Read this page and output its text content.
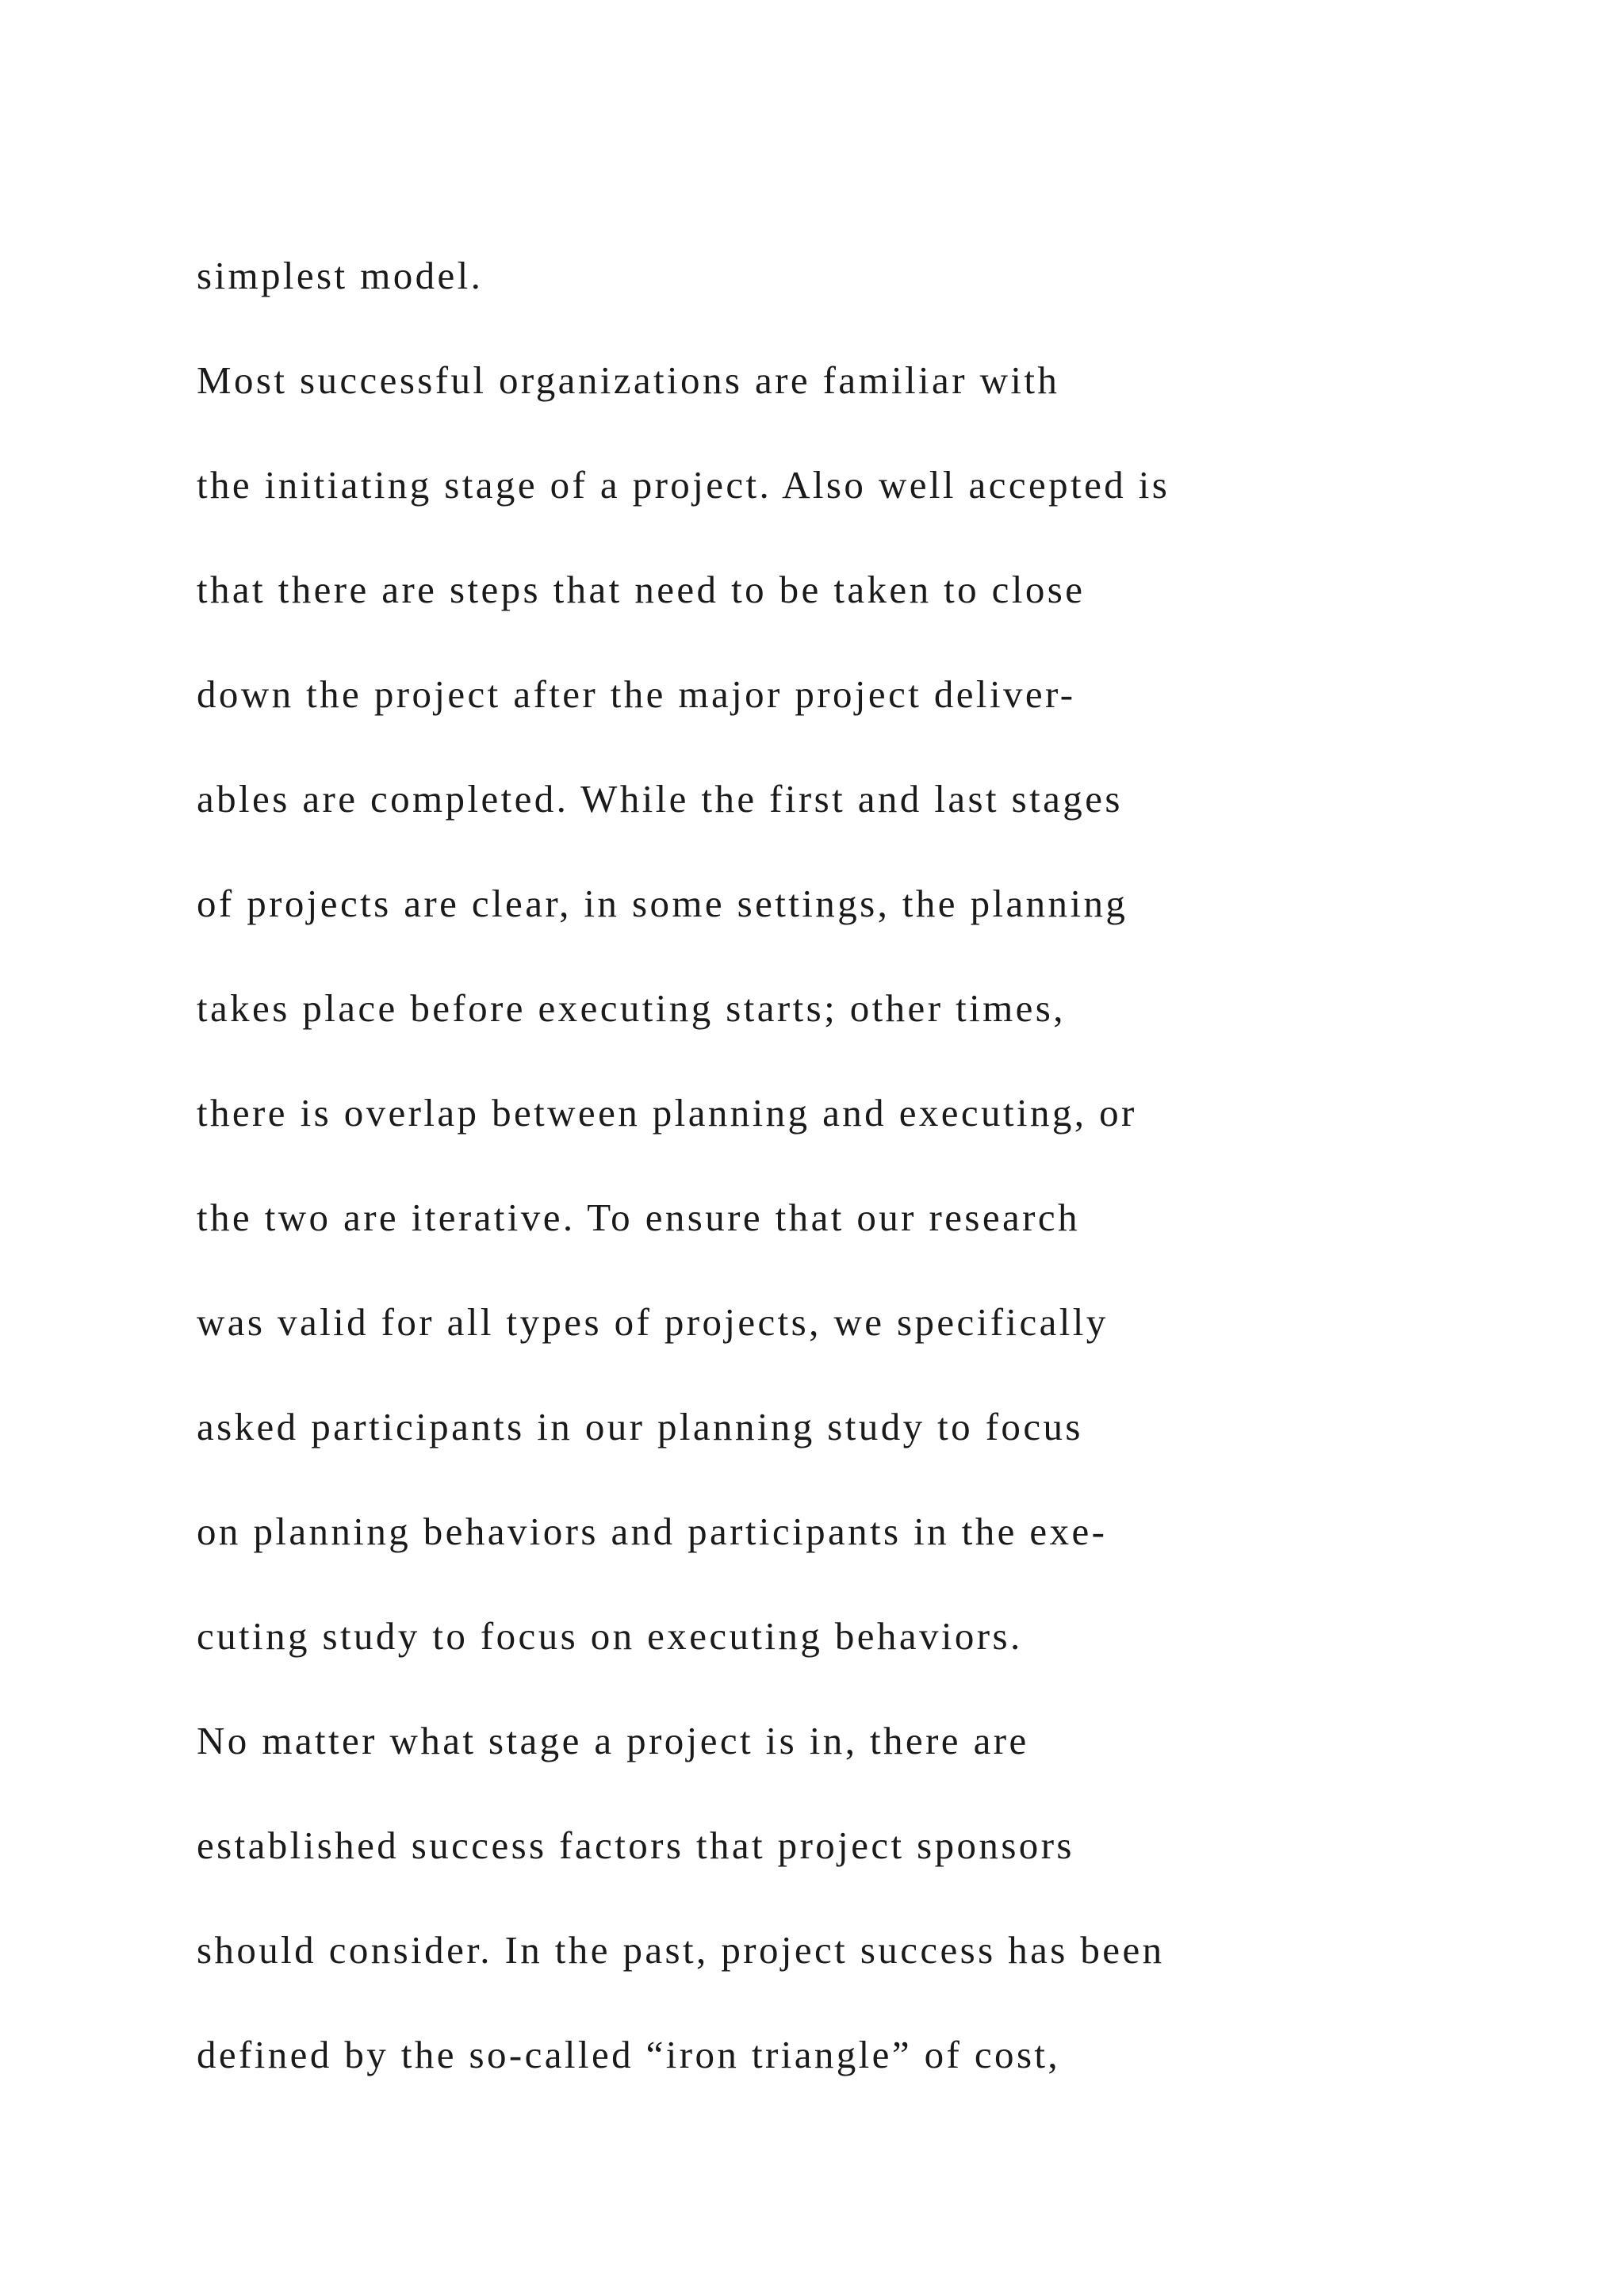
simplest model.
Most successful organizations are familiar with
the initiating stage of a project. Also well accepted is
that there are steps that need to be taken to close
down the project after the major project deliver-
ables are completed. While the first and last stages
of projects are clear, in some settings, the planning
takes place before executing starts; other times,
there is overlap between planning and executing, or
the two are iterative. To ensure that our research
was valid for all types of projects, we specifically
asked participants in our planning study to focus
on planning behaviors and participants in the exe-
cuting study to focus on executing behaviors.
No matter what stage a project is in, there are
established success factors that project sponsors
should consider. In the past, project success has been
defined by the so-called “iron triangle” of cost,
